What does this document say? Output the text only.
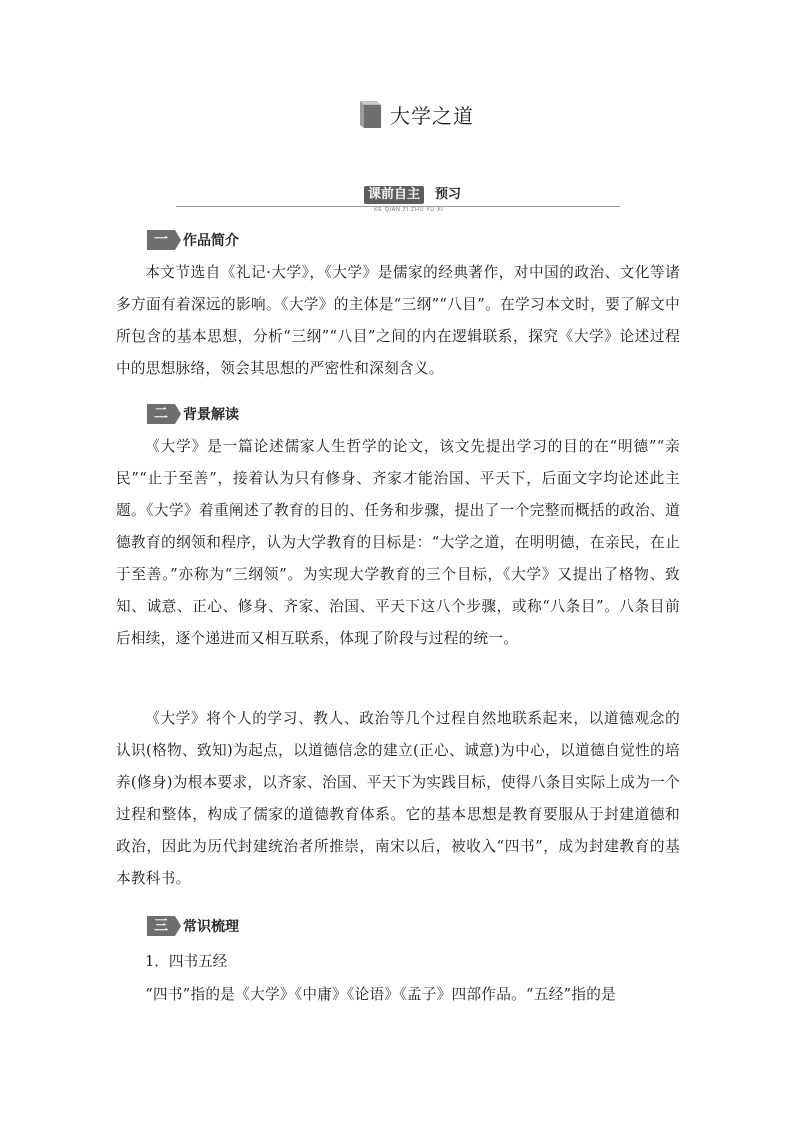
大学之道
课前自主	预习
KE QIAN ZI ZHU YU XI
一	作品简介

本文节选自《礼记·大学》，《大学》是儒家的经典著作，对中国的政治、文化等诸多方面有着深远的影响。《大学》的主体是“三纲”“八目”。在学习本文时，要了解文中所包含的基本思想，分析“三纲”“八目”之间的内在逻辑联系，探究《大学》论述过程中的思想脉络，领会其思想的严密性和深刻含义。

二	背景解读

《大学》是一篇论述儒家人生哲学的论文，该文先提出学习的目的在“明德”“亲民”“止于至善”，接着认为只有修身、齐家才能治国、平天下，后面文字均论述此主题。《大学》着重阐述了教育的目的、任务和步骤，提出了一个完整而概括的政治、道德教育的纲领和程序，认为大学教育的目标是：“大学之道，在明明德，在亲民，在止于至善。”亦称为“三纲领”。为实现大学教育的三个目标，《大学》又提出了格物、致知、诚意、正心、修身、齐家、治国、平天下这八个步骤，或称“八条目”。八条目前后相续，逐个递进而又相互联系，体现了阶段与过程的统一。

《大学》将个人的学习、教人、政治等几个过程自然地联系起来，以道德观念的认识(格物、致知)为起点，以道德信念的建立(正心、诚意)为中心，以道德自觉性的培养(修身)为根本要求，以齐家、治国、平天下为实践目标，使得八条目实际上成为一个过程和整体，构成了儒家的道德教育体系。它的基本思想是教育要服从于封建道德和政治，因此为历代封建统治者所推崇，南宋以后，被收入“四书”，成为封建教育的基本教科书。

三	常识梳理
1．四书五经

“四书”指的是《大学》《中庸》《论语》《孟子》四部作品。“五经”指的是
